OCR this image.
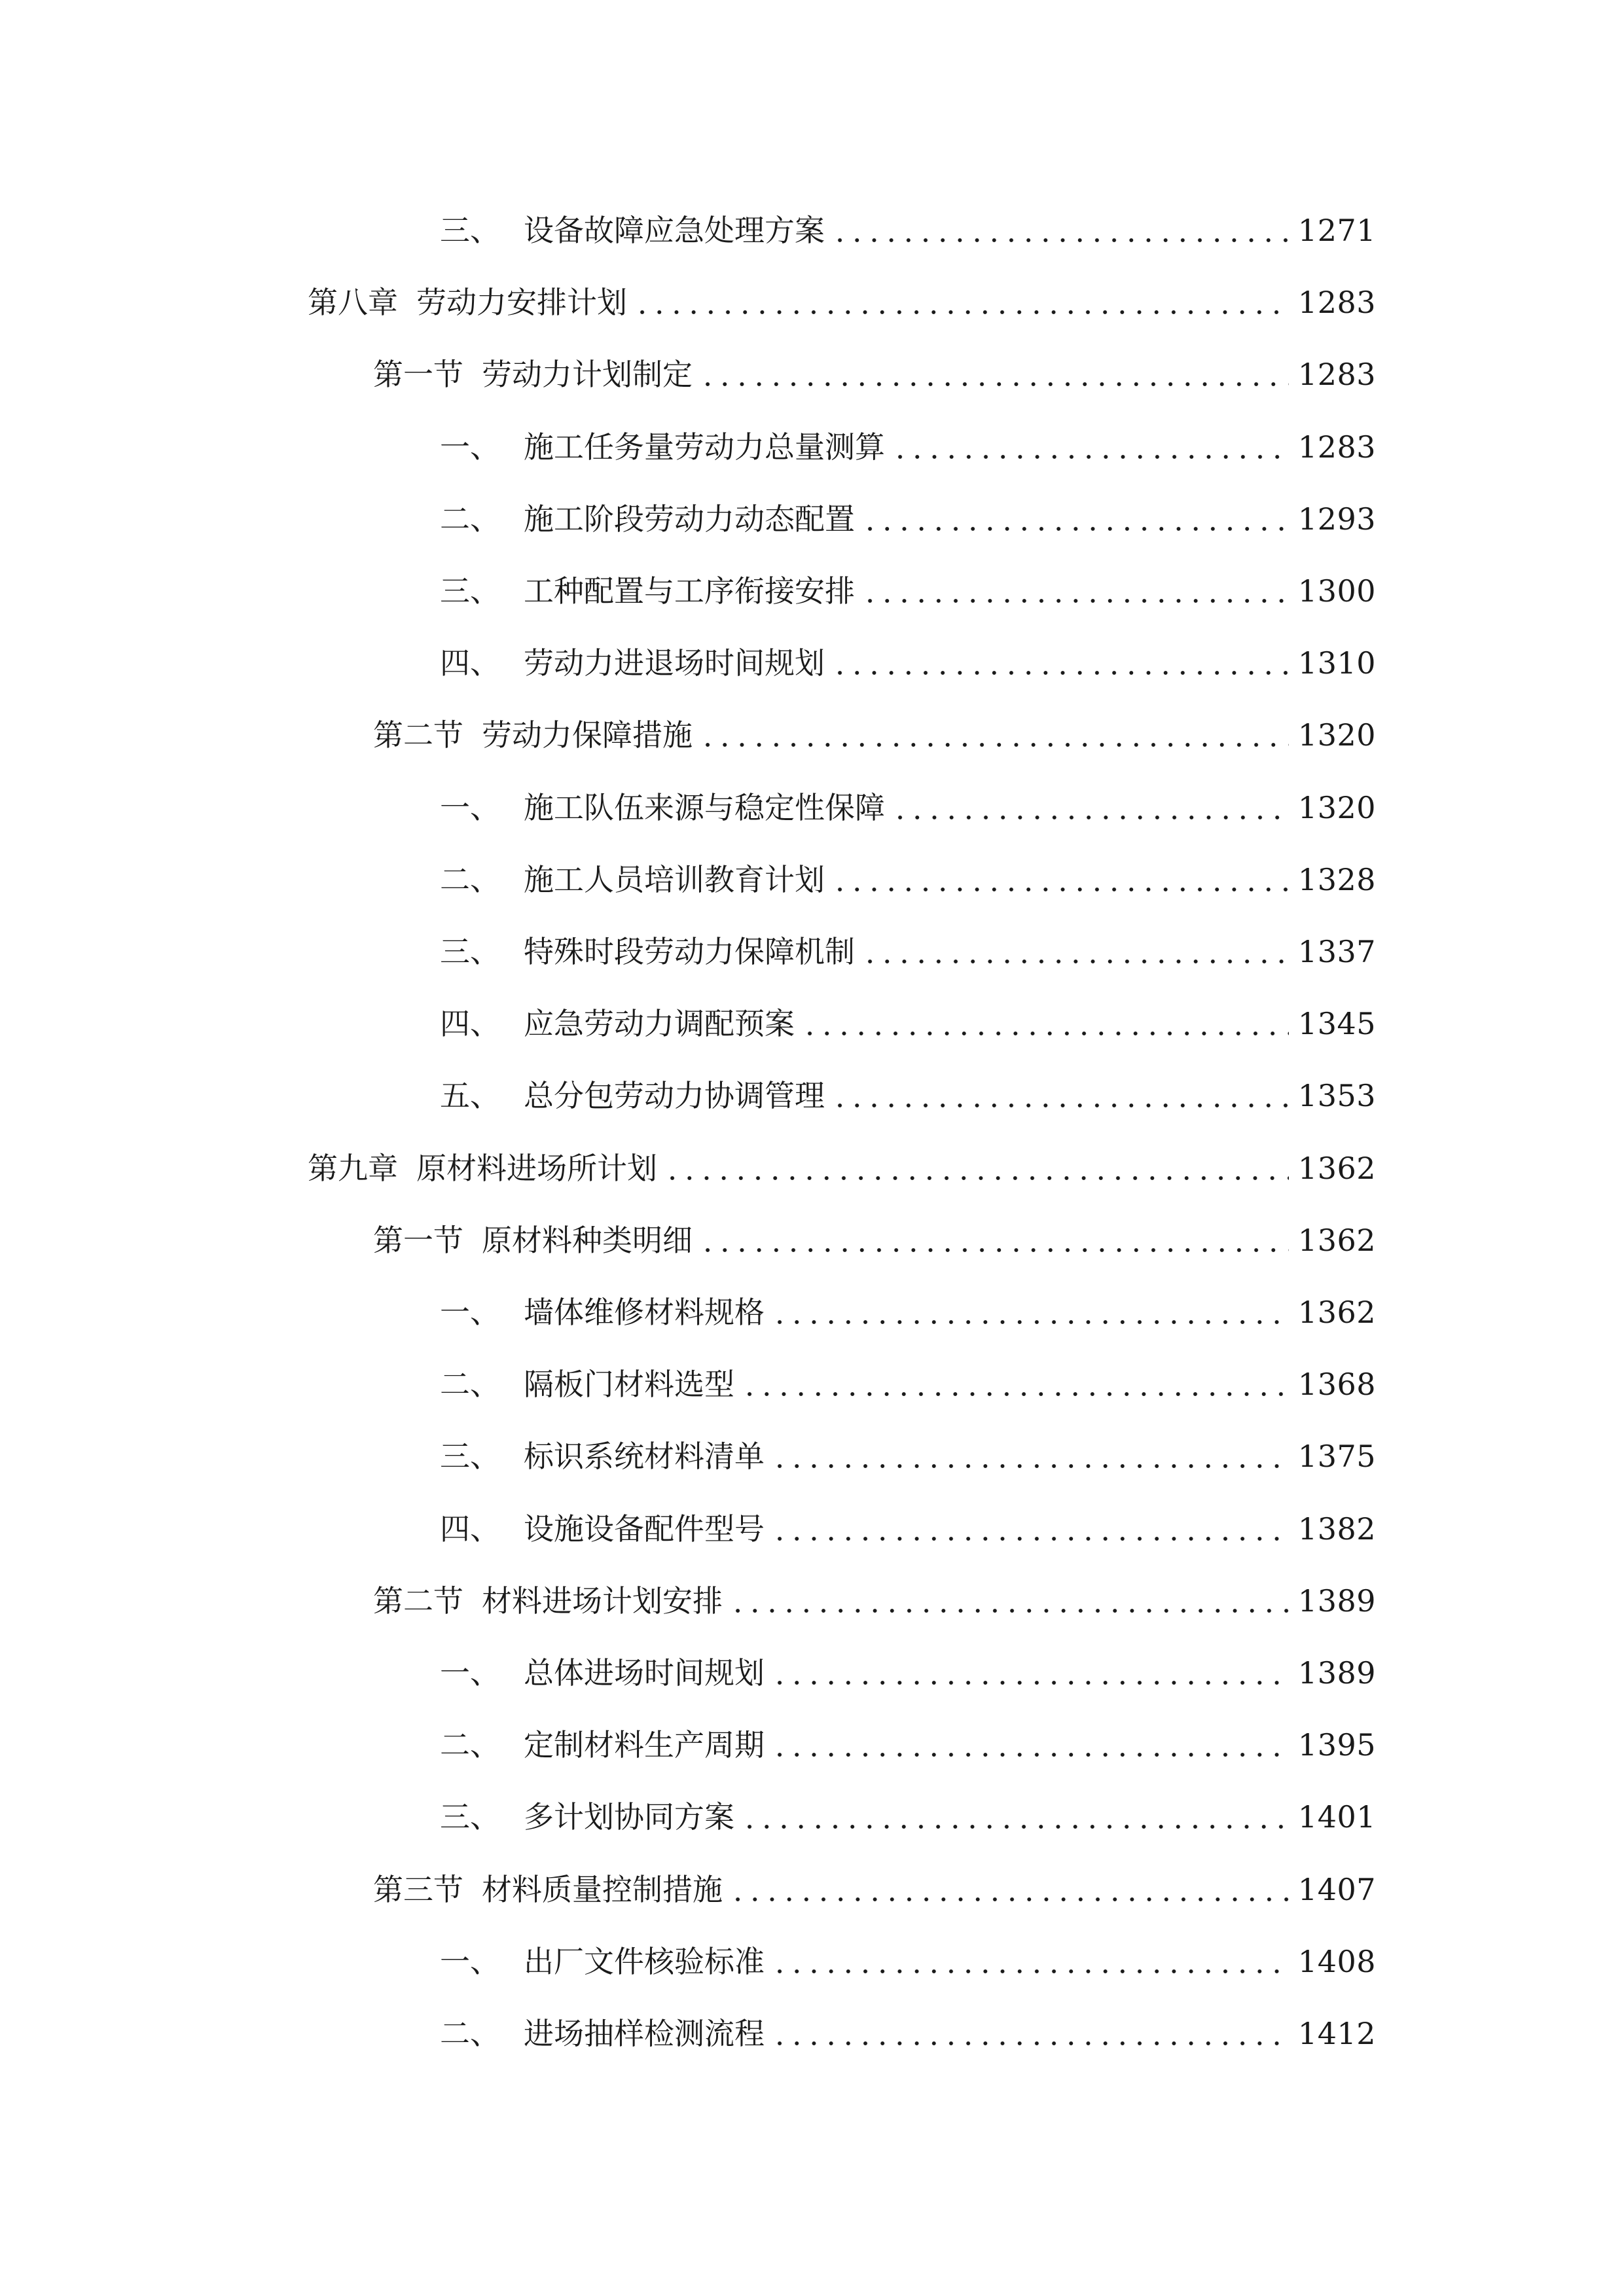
三、 设备故障应急处理方案	1271
第八章 劳动力安排计划	1283
第一节 劳动力计划制定	1283
一、 施工任务量劳动力总量测算	1283
二、 施工阶段劳动力动态配置	1293
三、 工种配置与工序衔接安排	1300
四、 劳动力进退场时间规划	1310
第二节 劳动力保障措施	1320
一、 施工队伍来源与稳定性保障	1320
二、 施工人员培训教育计划	1328
三、 特殊时段劳动力保障机制	1337
四、 应急劳动力调配预案	1345
五、 总分包劳动力协调管理	1353
第九章 原材料进场所计划	1362
第一节 原材料种类明细	1362
一、 墙体维修材料规格	1362
二、 隔板门材料选型	1368
三、 标识系统材料清单	1375
四、 设施设备配件型号	1382
第二节 材料进场计划安排	1389
一、 总体进场时间规划	1389
二、 定制材料生产周期	1395
三、 多计划协同方案	1401
第三节 材料质量控制措施	1407
一、 出厂文件核验标准	1408
二、 进场抽样检测流程	1412
